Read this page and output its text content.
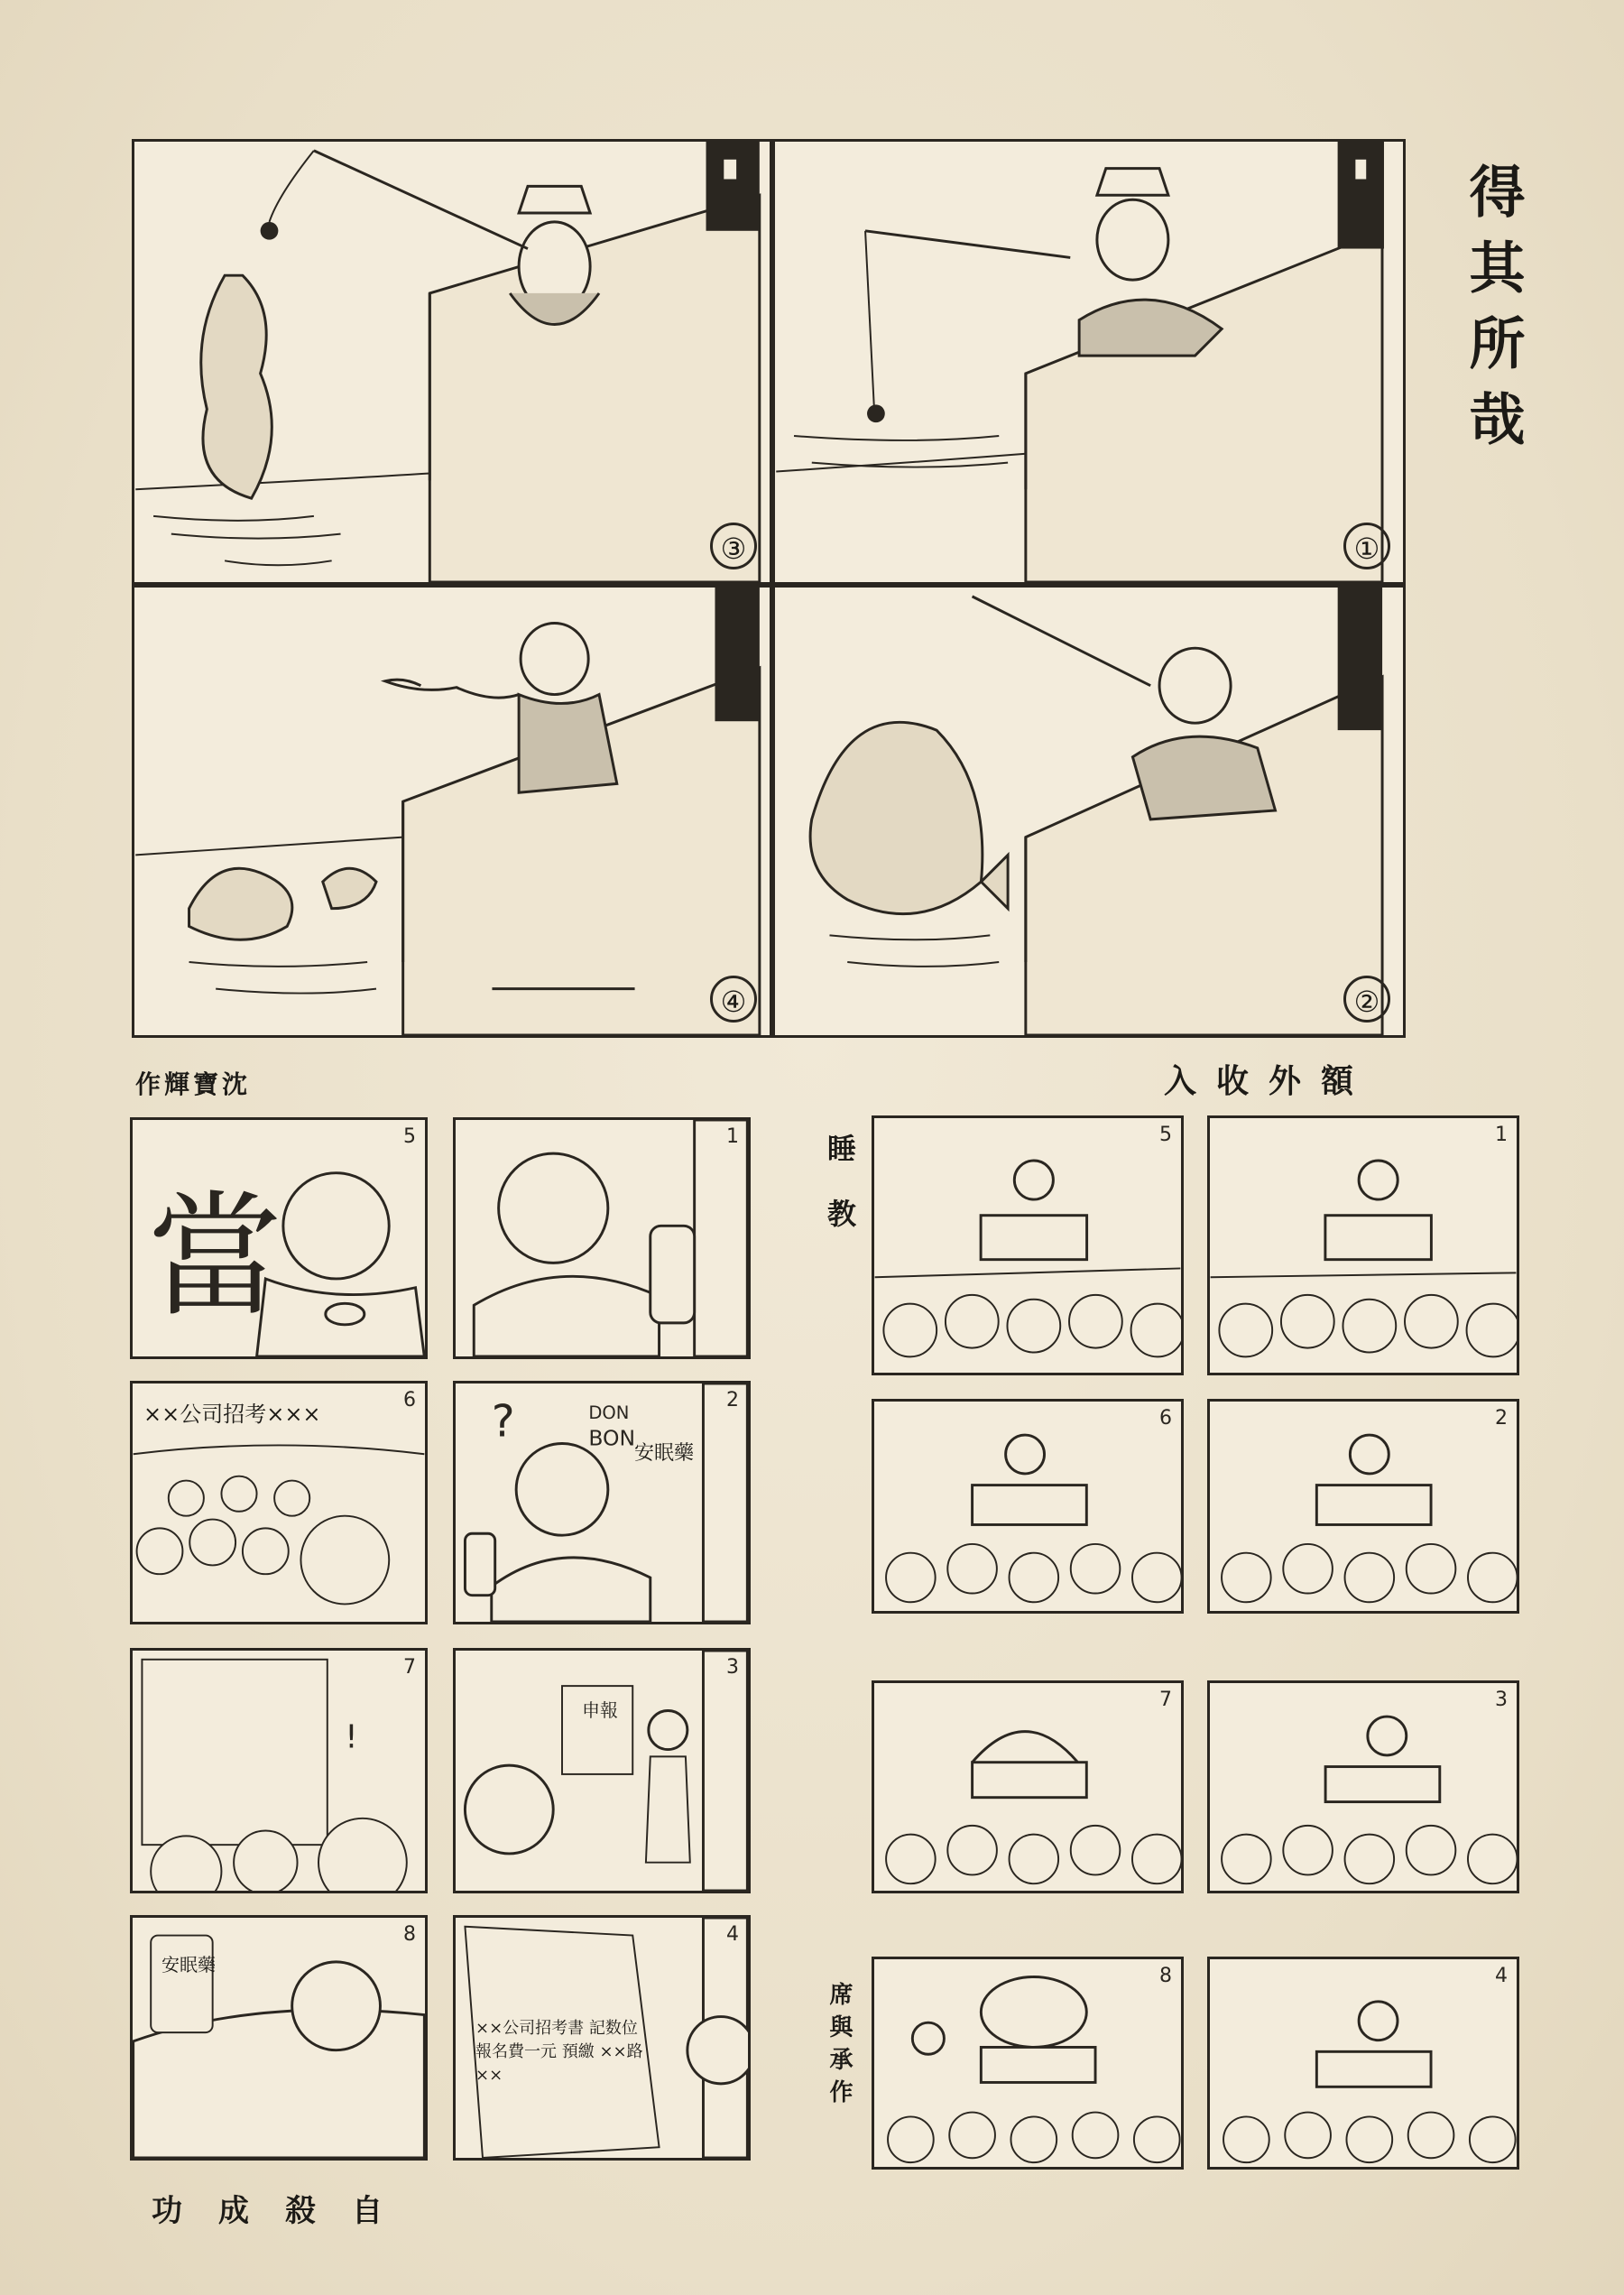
③	①
④	②
得其所哉
作輝寶沈	入收外額
當
5	1
××公司招考×××
6 ?	DON
BON
安眠藥
2
!
7
申報
3
安眠藥
8
××公司招考書 記数位 報名費一元 預繳 ××路××
4
功成殺自
睡教
席與承作
5	1
6	2
7	3
8	4
